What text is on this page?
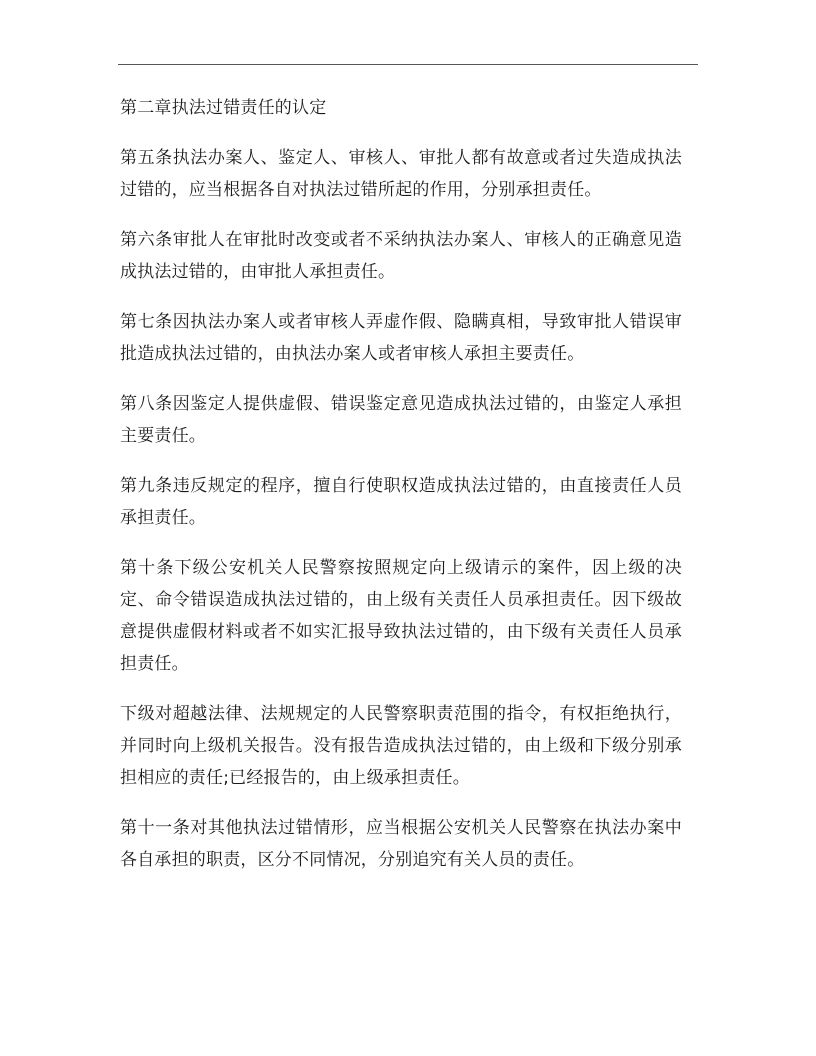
第二章执法过错责任的认定

第五条执法办案人、鉴定人、审核人、审批人都有故意或者过失造成执法过错的，应当根据各自对执法过错所起的作用，分别承担责任。

第六条审批人在审批时改变或者不采纳执法办案人、审核人的正确意见造成执法过错的，由审批人承担责任。

第七条因执法办案人或者审核人弄虚作假、隐瞒真相，导致审批人错误审批造成执法过错的，由执法办案人或者审核人承担主要责任。

第八条因鉴定人提供虚假、错误鉴定意见造成执法过错的，由鉴定人承担主要责任。

第九条违反规定的程序，擅自行使职权造成执法过错的，由直接责任人员承担责任。

第十条下级公安机关人民警察按照规定向上级请示的案件，因上级的决定、命令错误造成执法过错的，由上级有关责任人员承担责任。因下级故意提供虚假材料或者不如实汇报导致执法过错的，由下级有关责任人员承担责任。

下级对超越法律、法规规定的人民警察职责范围的指令，有权拒绝执行，并同时向上级机关报告。没有报告造成执法过错的，由上级和下级分别承担相应的责任;已经报告的，由上级承担责任。

第十一条对其他执法过错情形，应当根据公安机关人民警察在执法办案中各自承担的职责，区分不同情况，分别追究有关人员的责任。
